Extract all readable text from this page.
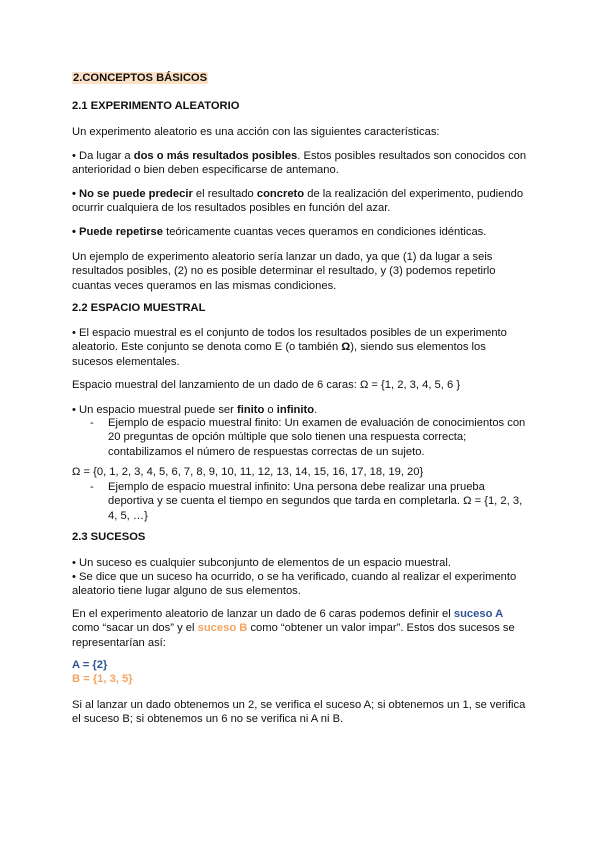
2.CONCEPTOS BÁSICOS

2.1 EXPERIMENTO ALEATORIO

Un experimento aleatorio es una acción con las siguientes características:

• Da lugar a dos o más resultados posibles. Estos posibles resultados son conocidos con anterioridad o bien deben especificarse de antemano.

• No se puede predecir el resultado concreto de la realización del experimento, pudiendo ocurrir cualquiera de los resultados posibles en función del azar.

• Puede repetirse teóricamente cuantas veces queramos en condiciones idénticas.

Un ejemplo de experimento aleatorio sería lanzar un dado, ya que (1) da lugar a seis resultados posibles, (2) no es posible determinar el resultado, y (3) podemos repetirlo cuantas veces queramos en las mismas condiciones.

2.2 ESPACIO MUESTRAL

• El espacio muestral es el conjunto de todos los resultados posibles de un experimento aleatorio. Este conjunto se denota como E (o también Ω), siendo sus elementos los sucesos elementales.

Espacio muestral del lanzamiento de un dado de 6 caras: Ω = {1, 2, 3, 4, 5, 6 }

• Un espacio muestral puede ser finito o infinito.

- Ejemplo de espacio muestral finito: Un examen de evaluación de conocimientos con 20 preguntas de opción múltiple que solo tienen una respuesta correcta; contabilizamos el número de respuestas correctas de un sujeto.

Ω = {0, 1, 2, 3, 4, 5, 6, 7, 8, 9, 10, 11, 12, 13, 14, 15, 16, 17, 18, 19, 20}

- Ejemplo de espacio muestral infinito: Una persona debe realizar una prueba deportiva y se cuenta el tiempo en segundos que tarda en completarla. Ω = {1, 2, 3, 4, 5, …}

2.3 SUCESOS

• Un suceso es cualquier subconjunto de elementos de un espacio muestral.

• Se dice que un suceso ha ocurrido, o se ha verificado, cuando al realizar el experimento aleatorio tiene lugar alguno de sus elementos.

En el experimento aleatorio de lanzar un dado de 6 caras podemos definir el suceso A como “sacar un dos” y el suceso B como “obtener un valor impar”. Estos dos sucesos se representarían así:

A = {2}

B = {1, 3, 5}

Si al lanzar un dado obtenemos un 2, se verifica el suceso A; si obtenemos un 1, se verifica el suceso B; si obtenemos un 6 no se verifica ni A ni B.
